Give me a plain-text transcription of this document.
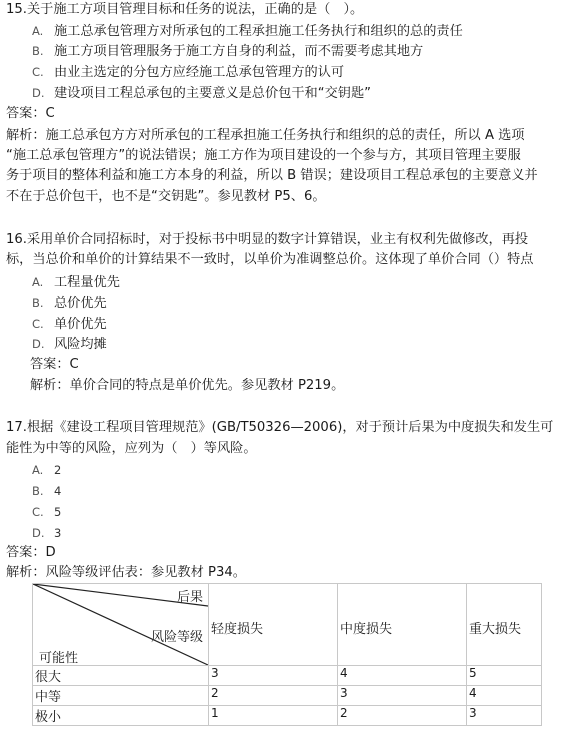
15.关于施工方项目管理目标和任务的说法，正确的是（　）。
A. 施工总承包管理方对所承包的工程承担施工任务执行和组织的总的责任
B. 施工方项目管理服务于施工方自身的利益，而不需要考虑其地方
C. 由业主选定的分包方应经施工总承包管理方的认可
D. 建设项目工程总承包的主要意义是总价包干和“交钥匙”
答案：C
解析：施工总承包方方对所承包的工程承担施工任务执行和组织的总的责任，所以 A 选项
“施工总承包管理方”的说法错误；施工方作为项目建设的一个参与方，其项目管理主要服
务于项目的整体利益和施工方本身的利益，所以 B 错误；建设项目工程总承包的主要意义并
不在于总价包干，也不是“交钥匙”。参见教材 P5、6。
16.采用单价合同招标时，对于投标书中明显的数字计算错误，业主有权利先做修改，再投
标，当总价和单价的计算结果不一致时，以单价为准调整总价。这体现了单价合同（）特点
A. 工程量优先
B. 总价优先
C. 单价优先
D. 风险均摊
答案：C
解析：单价合同的特点是单价优先。参见教材 P219。
17.根据《建设工程项目管理规范》(GB/T50326—2006)，对于预计后果为中度损失和发生可
能性为中等的风险，应列为（　）等风险。
A. 2
B. 4
C. 5
D. 3
答案：D
解析：风险等级评估表：参见教材 P34。
后果
风险等级
可能性	轻度损失	中度损失	重大损失

很大	3	4	5
中等	2	3	4
极小	1	2	3
